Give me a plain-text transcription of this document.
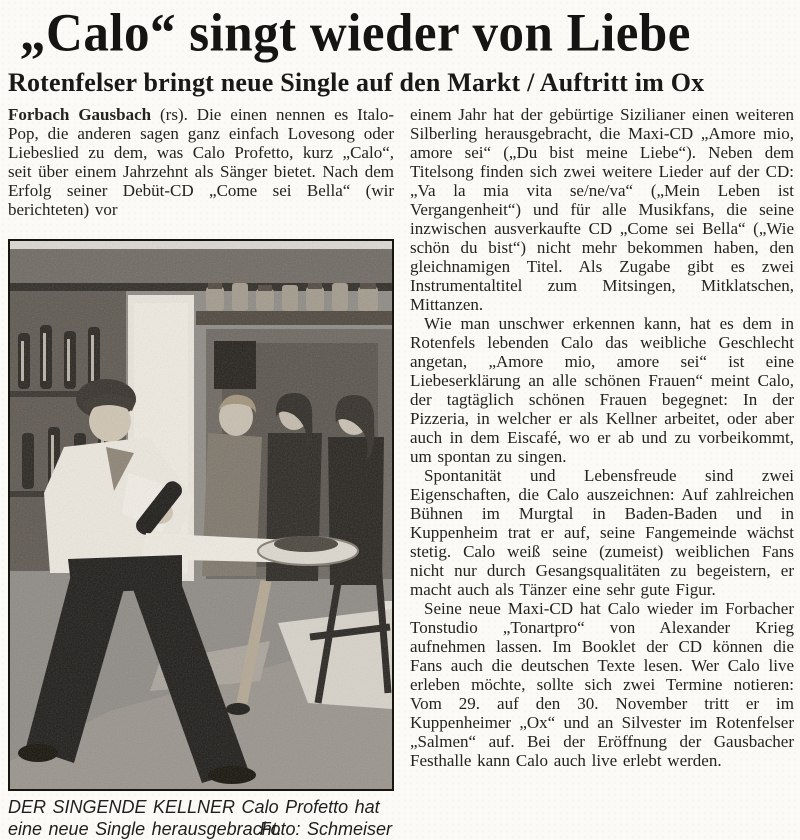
„Calo“ singt wieder von Liebe
Rotenfelser bringt neue Single auf den Markt / Auftritt im Ox

Forbach Gausbach (rs). Die einen nennen es Italo-Pop, die anderen sagen ganz einfach Lovesong oder Liebeslied zu dem, was Calo Profetto, kurz „Calo“, seit über einem Jahrzehnt als Sänger bietet. Nach dem Erfolg seiner Debüt-CD „Come sei Bella“ (wir berichteten) vor

DER SINGENDE KELLNER Calo Profetto hat eine neue Single herausgebracht.
Foto: Schmeiser

einem Jahr hat der gebürtige Sizilianer einen weiteren Silberling herausgebracht, die Maxi-CD „Amore mio, amore sei“ („Du bist meine Liebe“). Neben dem Titelsong finden sich zwei weitere Lieder auf der CD: „Va la mia vita se/ne/va“ („Mein Leben ist Vergangenheit“) und für alle Musikfans, die seine inzwischen ausverkaufte CD „Come sei Bella“ („Wie schön du bist“) nicht mehr bekommen haben, den gleichnamigen Titel. Als Zugabe gibt es zwei Instrumentaltitel zum Mitsingen, Mitklatschen, Mittanzen.

Wie man unschwer erkennen kann, hat es dem in Rotenfels lebenden Calo das weibliche Geschlecht angetan, „Amore mio, amore sei“ ist eine Liebeserklärung an alle schönen Frauen“ meint Calo, der tagtäglich schönen Frauen begegnet: In der Pizzeria, in welcher er als Kellner arbeitet, oder aber auch in dem Eiscafé, wo er ab und zu vorbeikommt, um spontan zu singen.

Spontanität und Lebensfreude sind zwei Eigenschaften, die Calo auszeichnen: Auf zahlreichen Bühnen im Murgtal in Baden-Baden und in Kuppenheim trat er auf, seine Fangemeinde wächst stetig. Calo weiß seine (zumeist) weiblichen Fans nicht nur durch Gesangsqualitäten zu begeistern, er macht auch als Tänzer eine sehr gute Figur.

Seine neue Maxi-CD hat Calo wieder im Forbacher Tonstudio „Tonartpro“ von Alexander Krieg aufnehmen lassen. Im Booklet der CD können die Fans auch die deutschen Texte lesen. Wer Calo live erleben möchte, sollte sich zwei Termine notieren: Vom 29. auf den 30. November tritt er im Kuppenheimer „Ox“ und an Silvester im Rotenfelser „Salmen“ auf. Bei der Eröffnung der Gausbacher Festhalle kann Calo auch live erlebt werden.
